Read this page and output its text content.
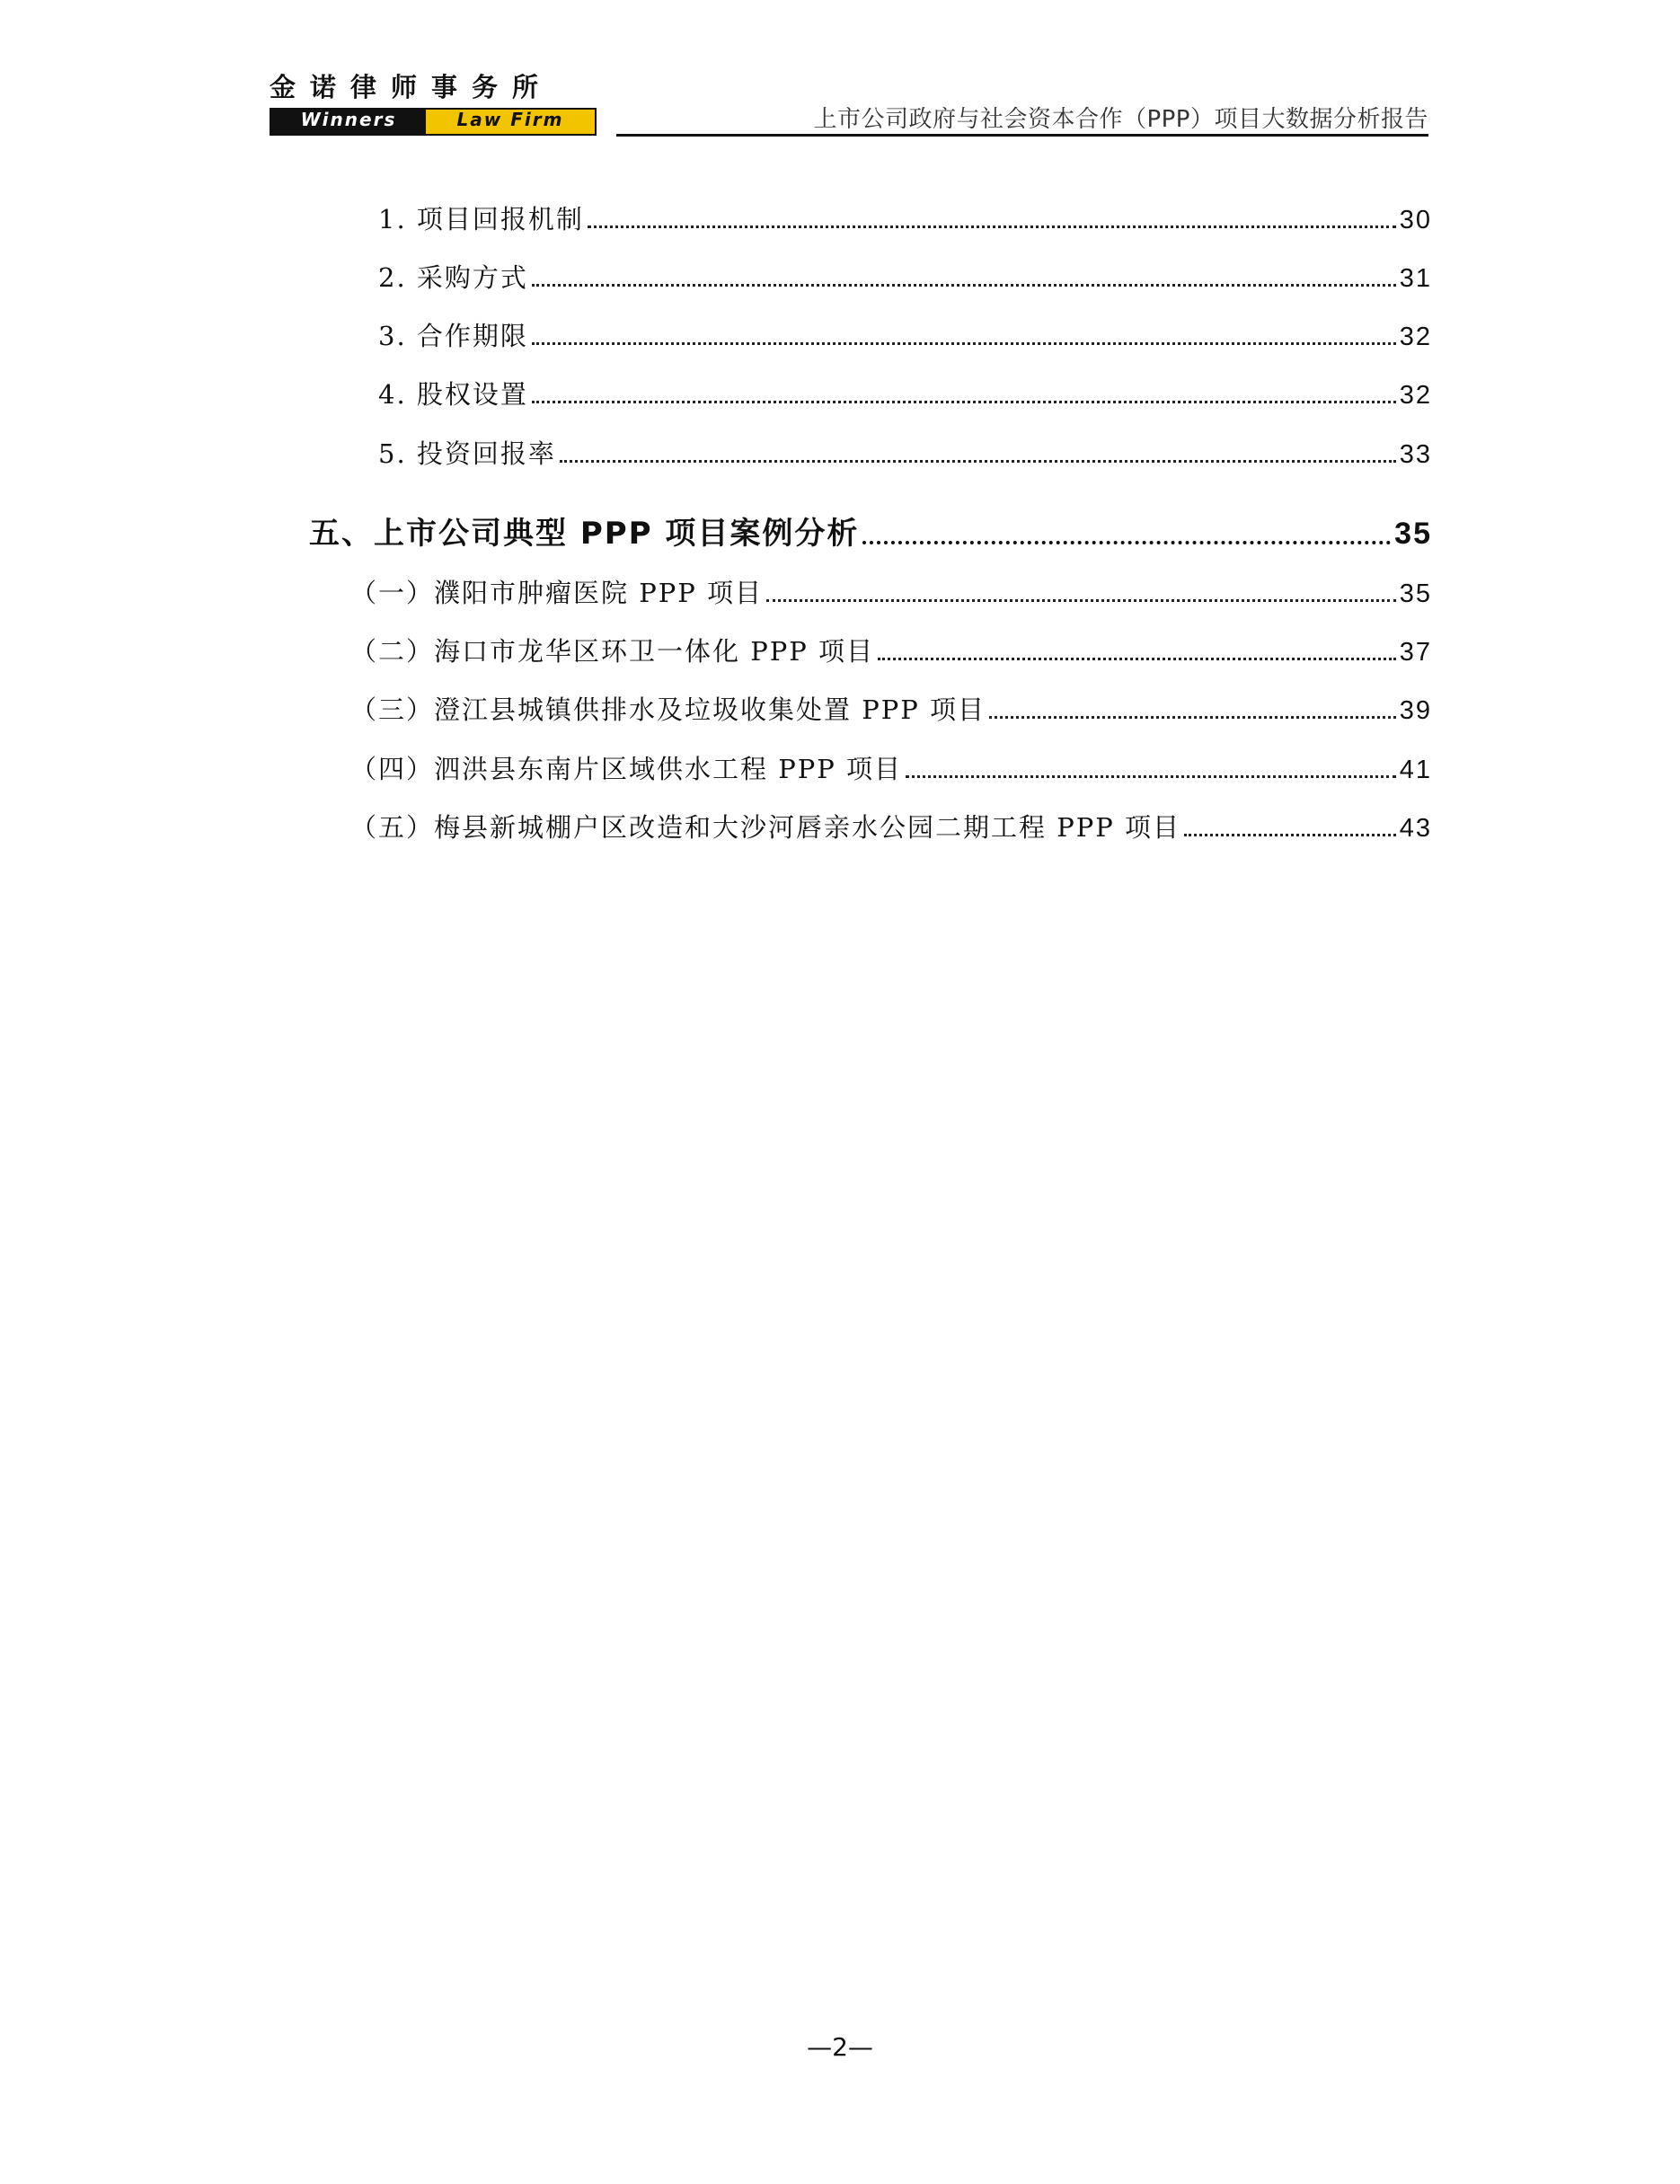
金诺律师事务所
Winners	Law Firm	上市公司政府与社会资本合作（PPP）项目大数据分析报告
1. 项目回报机制	30
2. 采购方式	31
3. 合作期限	32
4. 股权设置	32
5. 投资回报率	33
五、上市公司典型 PPP 项目案例分析	35
（一）濮阳市肿瘤医院 PPP 项目	35
（二）海口市龙华区环卫一体化 PPP 项目	37
（三）澄江县城镇供排水及垃圾收集处置 PPP 项目	39
（四）泗洪县东南片区域供水工程 PPP 项目	41
（五）梅县新城棚户区改造和大沙河唇亲水公园二期工程 PPP 项目	43
—2—
